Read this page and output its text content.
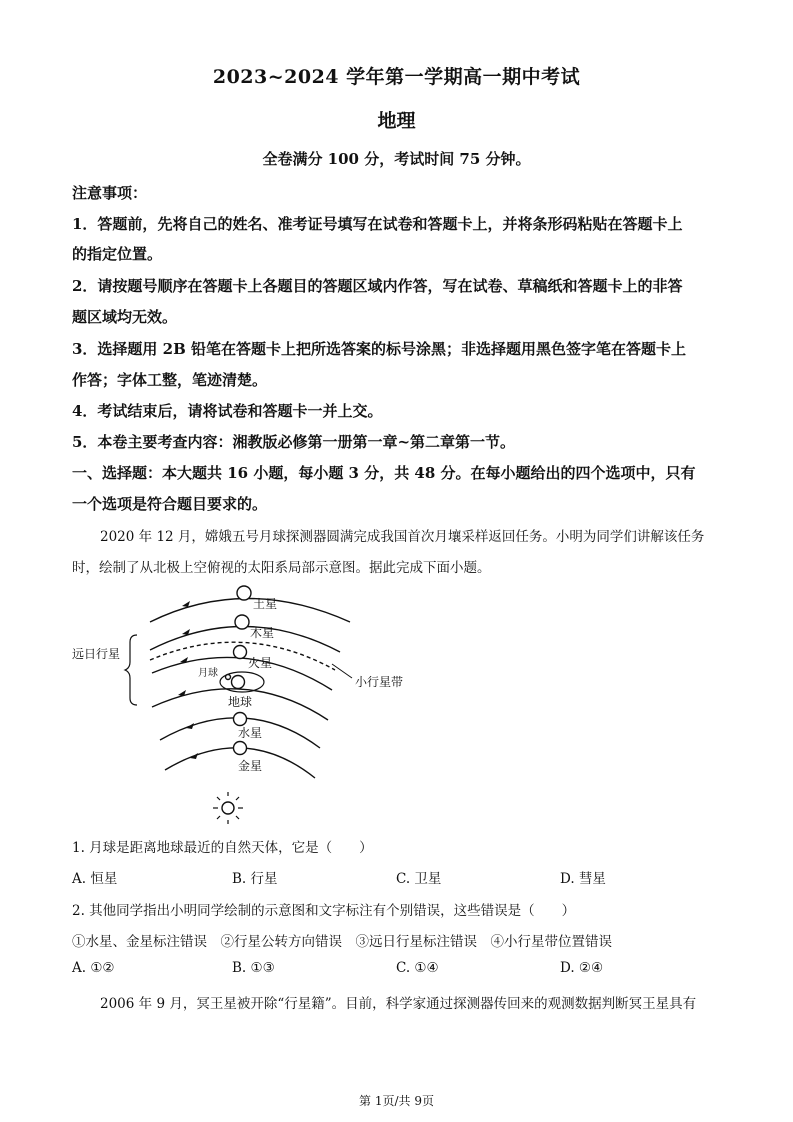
2023~2024 学年第一学期高一期中考试
地理
全卷满分 100 分，考试时间 75 分钟。
注意事项：
1．答题前，先将自己的姓名、准考证号填写在试卷和答题卡上，并将条形码粘贴在答题卡上
的指定位置。
2．请按题号顺序在答题卡上各题目的答题区域内作答，写在试卷、草稿纸和答题卡上的非答
题区域均无效。
3．选择题用 2B 铅笔在答题卡上把所选答案的标号涂黑；非选择题用黑色签字笔在答题卡上
作答；字体工整，笔迹清楚。
4．考试结束后，请将试卷和答题卡一并上交。
5．本卷主要考查内容：湘教版必修第一册第一章~第二章第一节。
一、选择题：本大题共 16 小题，每小题 3 分，共 48 分。在每小题给出的四个选项中，只有
一个选项是符合题目要求的。
2020 年 12 月，嫦娥五号月球探测器圆满完成我国首次月壤采样返回任务。小明为同学们讲解该任务
时，绘制了从北极上空俯视的太阳系局部示意图。据此完成下面小题。
土星
木星
火星
月球
地球
水星
金星
小行星带
远日行星
1. 月球是距离地球最近的自然天体，它是（　　）
A. 恒星	B. 行星	C. 卫星	D. 彗星
2. 其他同学指出小明同学绘制的示意图和文字标注有个别错误，这些错误是（　　）
①水星、金星标注错误　②行星公转方向错误　③远日行星标注错误　④小行星带位置错误
A. ①②	B. ①③	C. ①④	D. ②④
2006 年 9 月，冥王星被开除“行星籍”。目前，科学家通过探测器传回来的观测数据判断冥王星具有
第 1页/共 9页
